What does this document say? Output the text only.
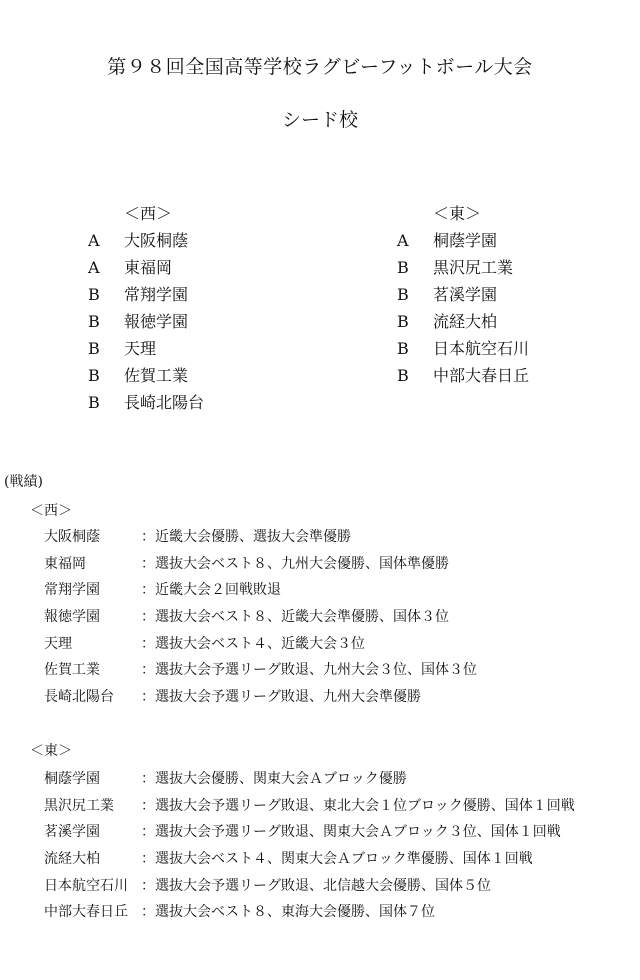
第９８回全国高等学校ラグビーフットボール大会
シード校
＜西＞
A	大阪桐蔭
A	東福岡
B	常翔学園
B	報徳学園
B	天理
B	佐賀工業
B	長崎北陽台
＜東＞
A	桐蔭学園
B	黒沢尻工業
B	茗溪学園
B	流経大柏
B	日本航空石川
B	中部大春日丘
(戦績)
＜西＞
大阪桐蔭	：近畿大会優勝、選抜大会準優勝
東福岡	：選抜大会ベスト８、九州大会優勝、国体準優勝
常翔学園	：近畿大会２回戦敗退
報徳学園	：選抜大会ベスト８、近畿大会準優勝、国体３位
天理	：選抜大会ベスト４、近畿大会３位
佐賀工業	：選抜大会予選リーグ敗退、九州大会３位、国体３位
長崎北陽台	：選抜大会予選リーグ敗退、九州大会準優勝
＜東＞
桐蔭学園	：選抜大会優勝、関東大会Ａブロック優勝
黒沢尻工業	：選抜大会予選リーグ敗退、東北大会１位ブロック優勝、国体１回戦
茗溪学園	：選抜大会予選リーグ敗退、関東大会Ａブロック３位、国体１回戦
流経大柏	：選抜大会ベスト４、関東大会Ａブロック準優勝、国体１回戦
日本航空石川 ：選抜大会予選リーグ敗退、北信越大会優勝、国体５位
中部大春日丘 ：選抜大会ベスト８、東海大会優勝、国体７位
